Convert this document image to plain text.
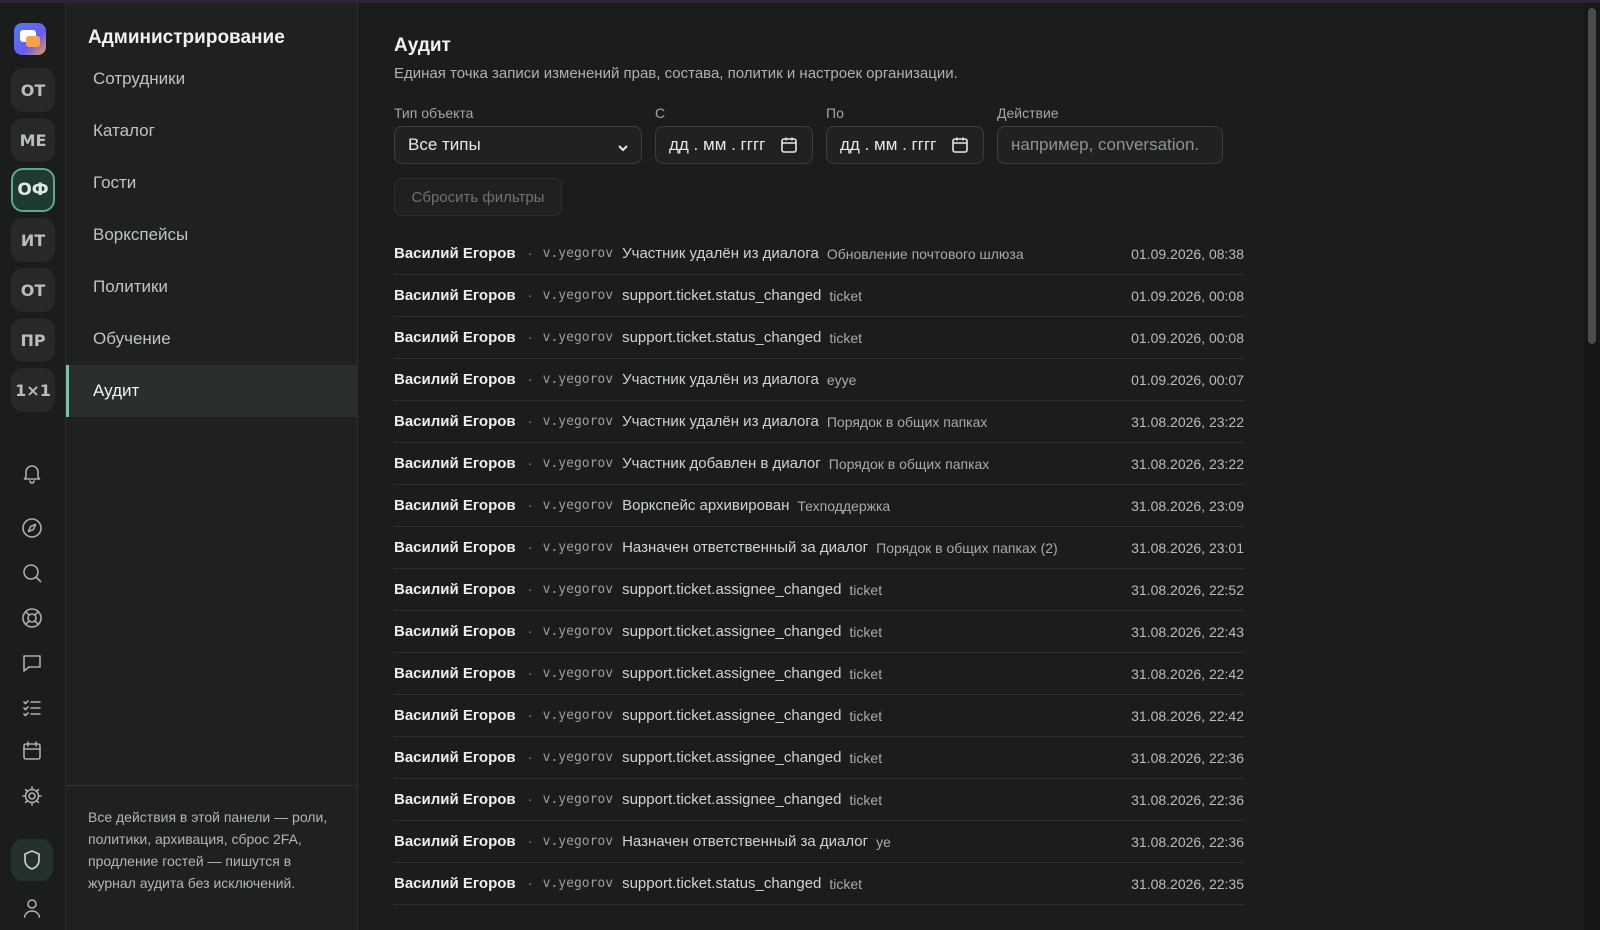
ОТ
МЕ
ОФ
ИТ
ОТ
ПР
1×1
Администрирование
Сотрудники
Каталог
Гости
Воркспейсы
Политики
Обучение
Аудит
Все действия в этой панели — роли, политики, архивация, сброс 2FA, продление гостей — пишутся в журнал аудита без исключений.
Аудит
Единая точка записи изменений прав, состава, политик и настроек организации.
Тип объекта
Все типы
С
дд . мм . гггг
По
дд . мм . гггг
Действие
например, conversation.
Сбросить фильтры
Василий Егоров · v.yegorov Участник удалён из диалога Обновление почтового шлюза	01.09.2026, 08:38
Василий Егоров · v.yegorov support.ticket.status_changed ticket	01.09.2026, 00:08
Василий Егоров · v.yegorov support.ticket.status_changed ticket	01.09.2026, 00:08
Василий Егоров · v.yegorov Участник удалён из диалога eyye	01.09.2026, 00:07
Василий Егоров · v.yegorov Участник удалён из диалога Порядок в общих папках	31.08.2026, 23:22
Василий Егоров · v.yegorov Участник добавлен в диалог Порядок в общих папках	31.08.2026, 23:22
Василий Егоров · v.yegorov Воркспейс архивирован Техподдержка	31.08.2026, 23:09
Василий Егоров · v.yegorov Назначен ответственный за диалог Порядок в общих папках (2)	31.08.2026, 23:01
Василий Егоров · v.yegorov support.ticket.assignee_changed ticket	31.08.2026, 22:52
Василий Егоров · v.yegorov support.ticket.assignee_changed ticket	31.08.2026, 22:43
Василий Егоров · v.yegorov support.ticket.assignee_changed ticket	31.08.2026, 22:42
Василий Егоров · v.yegorov support.ticket.assignee_changed ticket	31.08.2026, 22:42
Василий Егоров · v.yegorov support.ticket.assignee_changed ticket	31.08.2026, 22:36
Василий Егоров · v.yegorov support.ticket.assignee_changed ticket	31.08.2026, 22:36
Василий Егоров · v.yegorov Назначен ответственный за диалог ye	31.08.2026, 22:36
Василий Егоров · v.yegorov support.ticket.status_changed ticket	31.08.2026, 22:35
